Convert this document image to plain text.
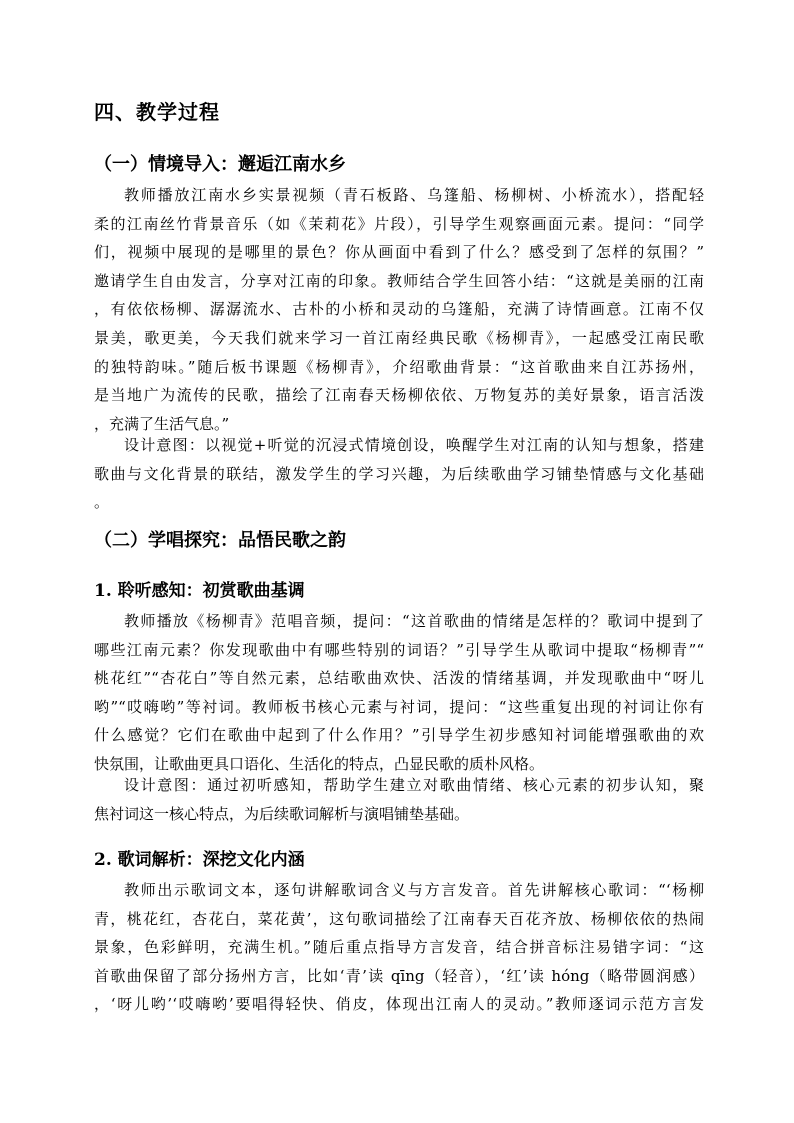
四、教学过程
（一）情境导入：邂逅江南水乡
教师播放江南水乡实景视频（青石板路、乌篷船、杨柳树、小桥流水），搭配轻
柔的江南丝竹背景音乐（如《茉莉花》片段），引导学生观察画面元素。提问：“同学
们，视频中展现的是哪里的景色？你从画面中看到了什么？感受到了怎样的氛围？”
邀请学生自由发言，分享对江南的印象。教师结合学生回答小结：“这就是美丽的江南
，有依依杨柳、潺潺流水、古朴的小桥和灵动的乌篷船，充满了诗情画意。江南不仅
景美，歌更美，今天我们就来学习一首江南经典民歌《杨柳青》，一起感受江南民歌
的独特韵味。”随后板书课题《杨柳青》，介绍歌曲背景：“这首歌曲来自江苏扬州，
是当地广为流传的民歌，描绘了江南春天杨柳依依、万物复苏的美好景象，语言活泼
，充满了生活气息。”
设计意图：以视觉+听觉的沉浸式情境创设，唤醒学生对江南的认知与想象，搭建
歌曲与文化背景的联结，激发学生的学习兴趣，为后续歌曲学习铺垫情感与文化基础
。
（二）学唱探究：品悟民歌之韵
1. 聆听感知：初赏歌曲基调
教师播放《杨柳青》范唱音频，提问：“这首歌曲的情绪是怎样的？歌词中提到了
哪些江南元素？你发现歌曲中有哪些特别的词语？”引导学生从歌词中提取“杨柳青”“
桃花红”“杏花白”等自然元素，总结歌曲欢快、活泼的情绪基调，并发现歌曲中“呀儿
哟”“哎嗨哟”等衬词。教师板书核心元素与衬词，提问：“这些重复出现的衬词让你有
什么感觉？它们在歌曲中起到了什么作用？”引导学生初步感知衬词能增强歌曲的欢
快氛围，让歌曲更具口语化、生活化的特点，凸显民歌的质朴风格。
设计意图：通过初听感知，帮助学生建立对歌曲情绪、核心元素的初步认知，聚
焦衬词这一核心特点，为后续歌词解析与演唱铺垫基础。
2. 歌词解析：深挖文化内涵
教师出示歌词文本，逐句讲解歌词含义与方言发音。首先讲解核心歌词：“‘杨柳
青，桃花红，杏花白，菜花黄’，这句歌词描绘了江南春天百花齐放、杨柳依依的热闹
景象，色彩鲜明，充满生机。”随后重点指导方言发音，结合拼音标注易错字词：“这
首歌曲保留了部分扬州方言，比如‘青’读 qīng（轻音），‘红’读 hóng（略带圆润感）
，‘呀儿哟’‘哎嗨哟’要唱得轻快、俏皮，体现出江南人的灵动。”教师逐词示范方言发
